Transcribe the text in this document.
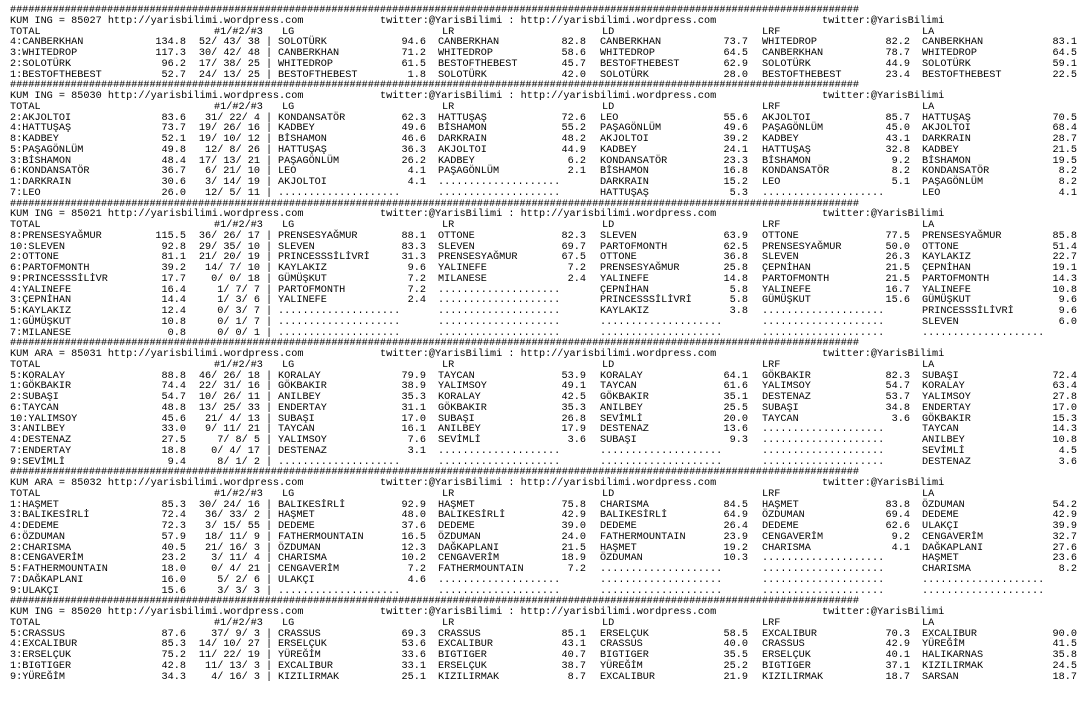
############################################################################################################################################
KUM ING = 85027 http://yarisbilimi.wordpress.com	twitter:@YarisBilimi : http://yarisbilimi.wordpress.com	twitter:@YarisBilimi
TOTAL	#1/#2/#3 LG	LR	LD	LRF	LA
4:CANBERKHAN	134.8	52/ 43/ 38 SOLOTÜRK	94.6 CANBERKHAN	82.8 CANBERKHAN	73.7 WHITEDROP	82.2 CANBERKHAN	83.1
|
3:WHITEDROP	117.3	30/ 42/ 48 CANBERKHAN	71.2 WHITEDROP	58.6 WHITEDROP	64.5 CANBERKHAN	78.7 WHITEDROP	64.5
|
2:SOLOTÜRK	96.2	17/ 38/ 25 WHITEDROP	61.5 BESTOFTHEBEST	45.7 BESTOFTHEBEST	62.9 SOLOTÜRK	44.9 SOLOTÜRK	59.1
|
1:BESTOFTHEBEST	52.7	24/ 13/ 25 BESTOFTHEBEST	1.8 SOLOTÜRK	42.0 SOLOTÜRK	28.0 BESTOFTHEBEST	23.4 BESTOFTHEBEST	22.5
|
############################################################################################################################################
KUM ING = 85030 http://yarisbilimi.wordpress.com	twitter:@YarisBilimi : http://yarisbilimi.wordpress.com	twitter:@YarisBilimi
TOTAL	#1/#2/#3 LG	LR	LD	LRF	LA
2:AKJOLTOI	83.6	31/ 22/ 4 KONDANSATÖR	62.3 HATTUŞAŞ	72.6 LEO	55.6 AKJOLTOI	85.7 HATTUŞAŞ	70.5
|
4:HATTUŞAŞ	73.7	19/ 26/ 16 KADBEY	49.6 BİSHAMON	55.2 PAŞAGÖNLÜM	49.6 PAŞAGÖNLÜM	45.0 AKJOLTOI	68.4
|
8:KADBEY	52.1	19/ 10/ 12 BİSHAMON	46.6 DARKRAIN	48.2 AKJOLTOI	39.2 KADBEY	43.1 DARKRAIN	28.7
|
5:PAŞAGÖNLÜM	49.8	12/ 8/ 26 HATTUŞAŞ	36.3 AKJOLTOI	44.9 KADBEY	24.1 HATTUŞAŞ	32.8 KADBEY	21.5
|
3:BİSHAMON	48.4	17/ 13/ 21 PAŞAGÖNLÜM	26.2 KADBEY	6.2 KONDANSATÖR	23.3 BİSHAMON	9.2 BİSHAMON	19.5
|
6:KONDANSATÖR	36.7	6/ 21/ 10 LEO	4.1 PAŞAGÖNLÜM	2.1 BİSHAMON	16.8 KONDANSATÖR	8.2 KONDANSATÖR	8.2
|
1:DARKRAIN	30.6	3/ 14/ 19 AKJOLTOI	4.1 ....................	DARKRAIN	15.2 LEO	5.1 PAŞAGÖNLÜM	8.2
|
7:LEO	26.0	12/ 5/ 11 ....................	....................	HATTUŞAŞ	5.3 ....................	LEO	4.1
|
############################################################################################################################################
KUM ING = 85021 http://yarisbilimi.wordpress.com	twitter:@YarisBilimi : http://yarisbilimi.wordpress.com	twitter:@YarisBilimi
TOTAL	#1/#2/#3 LG	LR	LD	LRF	LA
8:PRENSESYAĞMUR	115.5	36/ 26/ 17 PRENSESYAĞMUR	88.1 OTTONE	82.3 SLEVEN	63.9 OTTONE	77.5 PRENSESYAĞMUR	85.8
|
10:SLEVEN	92.8	29/ 35/ 10 SLEVEN	83.3 SLEVEN	69.7 PARTOFMONTH	62.5 PRENSESYAĞMUR	50.0 OTTONE	51.4
|
2:OTTONE	81.1	21/ 20/ 19 PRINCESSSİLİVRİ	31.3 PRENSESYAĞMUR	67.5 OTTONE	36.8 SLEVEN	26.3 KAYLAKIZ	22.7
|
6:PARTOFMONTH	39.2	14/ 7/ 10 KAYLAKIZ	9.6 YALINEFE	7.2 PRENSESYAĞMUR	25.8 ÇEPNİHAN	21.5 ÇEPNİHAN	19.1
|
9:PRINCESSSİLİVR	17.7	0/ 0/ 18 GÜMÜŞKUT	7.2 MILANESE	2.4 YALINEFE	14.8 PARTOFMONTH	21.5 PARTOFMONTH	14.3
|
4:YALINEFE	16.4	1/ 7/ 7 PARTOFMONTH	7.2 ....................	ÇEPNİHAN	5.8 YALINEFE	16.7 YALINEFE	10.8
|
3:ÇEPNİHAN	14.4	1/ 3/ 6 YALINEFE	2.4 ....................	PRINCESSSİLİVRİ	5.8 GÜMÜŞKUT	15.6 GÜMÜŞKUT	9.6
|
5:KAYLAKIZ	12.4	0/ 3/ 7 ....................	....................	KAYLAKIZ	3.8 ....................	PRINCESSSİLİVRİ	9.6
|
1:GÜMÜŞKUT	10.8	0/ 1/ 7 ....................	....................	....................	....................	SLEVEN	6.0
|
7:MILANESE	0.8	0/ 0/ 1 ....................	....................	....................	....................	....................
|
############################################################################################################################################
KUM ARA = 85031 http://yarisbilimi.wordpress.com	twitter:@YarisBilimi : http://yarisbilimi.wordpress.com	twitter:@YarisBilimi
TOTAL	#1/#2/#3 LG	LR	LD	LRF	LA
5:KORALAY	88.8	46/ 26/ 18 KORALAY	79.9 TAYCAN	53.9 KORALAY	64.1 GÖKBAKIR	82.3 SUBAŞI	72.4
|
1:GÖKBAKIR	74.4	22/ 31/ 16 GÖKBAKIR	38.9 YALIMSOY	49.1 TAYCAN	61.6 YALIMSOY	54.7 KORALAY	63.4
|
2:SUBAŞI	54.7	10/ 26/ 11 ANILBEY	35.3 KORALAY	42.5 GÖKBAKIR	35.1 DESTENAZ	53.7 YALIMSOY	27.8
|
6:TAYCAN	48.8	13/ 25/ 33 ENDERTAY	31.1 GÖKBAKIR	35.3 ANILBEY	25.5 SUBAŞI	34.8 ENDERTAY	17.0
|
10:YALIMSOY	45.6	21/ 4/ 13 SUBAŞI	17.0 SUBAŞI	26.8 SEVİMLİ	20.0 TAYCAN	3.6 GÖKBAKIR	15.3
|
3:ANILBEY	33.0	9/ 11/ 21 TAYCAN	16.1 ANILBEY	17.9 DESTENAZ	13.6 ....................	TAYCAN	14.3
|
4:DESTENAZ	27.5	7/ 8/ 5 YALIMSOY	7.6 SEVİMLİ	3.6 SUBAŞI	9.3 ....................	ANILBEY	10.8
|
7:ENDERTAY	18.8	0/ 4/ 17 DESTENAZ	3.1 ....................	....................	....................	SEVİMLİ	4.5
|
9:SEVİMLİ	9.4	8/ 1/ 2 ....................	....................	....................	....................	DESTENAZ	3.6
|
############################################################################################################################################
KUM ARA = 85032 http://yarisbilimi.wordpress.com	twitter:@YarisBilimi : http://yarisbilimi.wordpress.com	twitter:@YarisBilimi
TOTAL	#1/#2/#3 LG	LR	LD	LRF	LA
1:HAŞMET	85.3	30/ 24/ 16 BALIKESİRLİ	92.9 HAŞMET	75.8 CHARISMA	84.5 HAŞMET	83.8 ÖZDUMAN	54.2
|
3:BALIKESİRLİ	72.4	36/ 33/ 2 HAŞMET	48.0 BALIKESİRLİ	42.9 BALIKESİRLİ	64.9 ÖZDUMAN	69.4 DEDEME	42.9
|
4:DEDEME	72.3	3/ 15/ 55 DEDEME	37.6 DEDEME	39.0 DEDEME	26.4 DEDEME	62.6 ULAKÇI	39.9
|
6:ÖZDUMAN	57.9	18/ 11/ 9 FATHERMOUNTAIN	16.5 ÖZDUMAN	24.0 FATHERMOUNTAIN	23.9 CENGAVERİM	9.2 CENGAVERİM	32.7
|
2:CHARISMA	40.5	21/ 16/ 3 ÖZDUMAN	12.3 DAĞKAPLANI	21.5 HAŞMET	19.2 CHARISMA	4.1 DAĞKAPLANI	27.6
|
8:CENGAVERİM	23.2	3/ 11/ 4 CHARISMA	10.2 CENGAVERİM	18.9 ÖZDUMAN	10.3 ....................	HAŞMET	23.6
|
5:FATHERMOUNTAIN	18.0	0/ 4/ 21 CENGAVERİM	7.2 FATHERMOUNTAIN	7.2 ....................	....................	CHARISMA	8.2
|
7:DAĞKAPLANI	16.0	5/ 2/ 6 ULAKÇI	4.6 ....................	....................	....................	....................
|
9:ULAKÇI	15.6	3/ 3/ 3 ....................	....................	....................	....................	....................
|
############################################################################################################################################
KUM ING = 85020 http://yarisbilimi.wordpress.com	twitter:@YarisBilimi : http://yarisbilimi.wordpress.com	twitter:@YarisBilimi
TOTAL	#1/#2/#3 LG	LR	LD	LRF	LA
5:CRASSUS	87.6	37/ 9/ 3 CRASSUS	69.3 CRASSUS	85.1 ERSELÇUK	58.5 EXCALIBUR	70.3 EXCALIBUR	90.0
|
4:EXCALIBUR	85.3	14/ 10/ 27 ERSELÇUK	53.6 EXCALIBUR	43.1 CRASSUS	40.0 CRASSUS	42.9 YÜREĞİM	41.5
|
3:ERSELÇUK	75.2	11/ 22/ 19 YÜREĞİM	33.6 BIGTIGER	40.7 BIGTIGER	35.5 ERSELÇUK	40.1 HALIKARNAS	35.8
|
1:BIGTIGER	42.8	11/ 13/ 3 EXCALIBUR	33.1 ERSELÇUK	38.7 YÜREĞİM	25.2 BIGTIGER	37.1 KIZILIRMAK	24.5
|
9:YÜREĞİM	34.3	4/ 16/ 3 KIZILIRMAK	25.1 KIZILIRMAK	8.7 EXCALIBUR	21.9 KIZILIRMAK	18.7 SARSAN	18.7
|
